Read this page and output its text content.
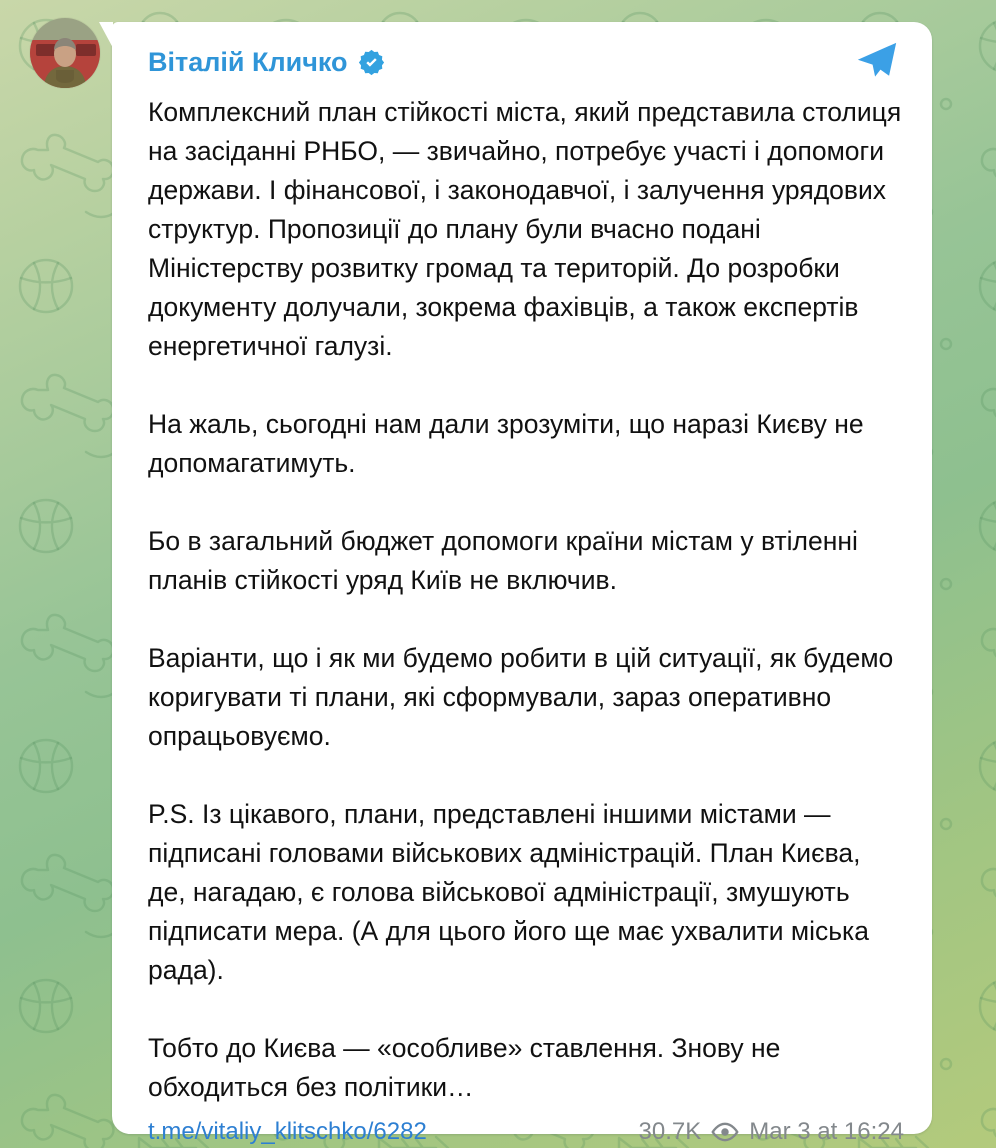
Віталій Кличко

Комплексний план стійкості міста, який представила столиця на засіданні РНБО, — звичайно, потребує участі і допомоги держави. І фінансової, і законодавчої, і залучення урядових структур. Пропозиції до плану були вчасно подані Міністерству розвитку громад та територій. До розробки документу долучали, зокрема фахівців, а також експертів енергетичної галузі.

На жаль, сьогодні нам дали зрозуміти, що наразі Києву не допомагатимуть.

Бо в загальний бюджет допомоги країни містам у втіленні планів стійкості уряд Київ не включив.

Варіанти, що і як ми будемо робити в цій ситуації, як будемо коригувати ті плани, які сформували, зараз оперативно опрацьовуємо.

P.S. Із цікавого, плани, представлені іншими містами — підписані головами військових адміністрацій. План Києва, де, нагадаю, є голова військової адміністрації, змушують підписати мера. (А для цього його ще має ухвалити міська рада).

Тобто до Києва — «особливе» ставлення. Знову не обходиться без політики…

t.me/vitaliy_klitschko/6282	30.7K Mar 3 at 16:24
